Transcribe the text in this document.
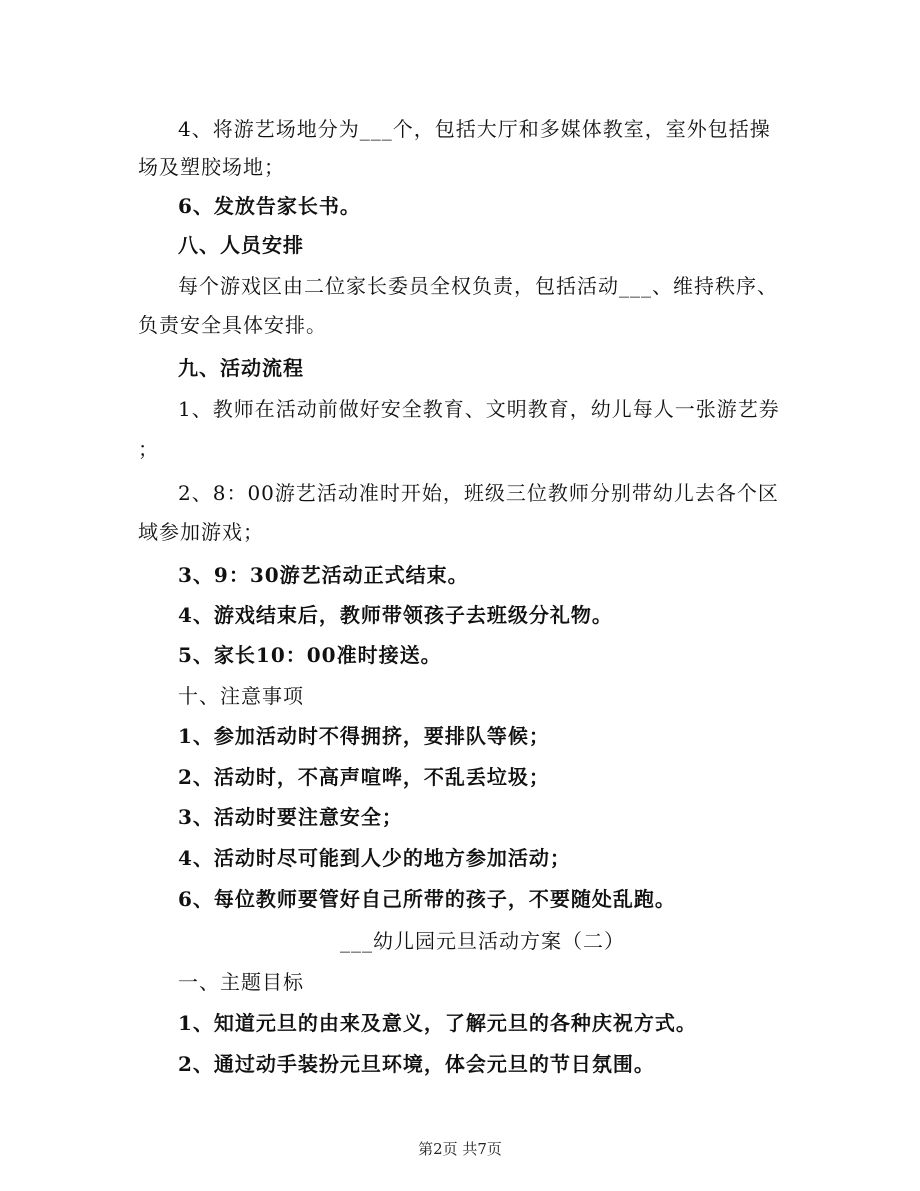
4、将游艺场地分为___个，包括大厅和多媒体教室，室外包括操
场及塑胶场地；
6、发放告家长书。
八、人员安排
每个游戏区由二位家长委员全权负责，包括活动___、维持秩序、
负责安全具体安排。
九、活动流程
1、教师在活动前做好安全教育、文明教育，幼儿每人一张游艺券
；
2、8：00游艺活动准时开始，班级三位教师分别带幼儿去各个区
域参加游戏；
3、9：30游艺活动正式结束。
4、游戏结束后，教师带领孩子去班级分礼物。
5、家长10：00准时接送。
十、注意事项
1、参加活动时不得拥挤，要排队等候；
2、活动时，不高声喧哗，不乱丢垃圾；
3、活动时要注意安全；
4、活动时尽可能到人少的地方参加活动；
6、每位教师要管好自己所带的孩子，不要随处乱跑。
___幼儿园元旦活动方案（二）
一、主题目标
1、知道元旦的由来及意义，了解元旦的各种庆祝方式。
2、通过动手装扮元旦环境，体会元旦的节日氛围。
第2页 共7页
